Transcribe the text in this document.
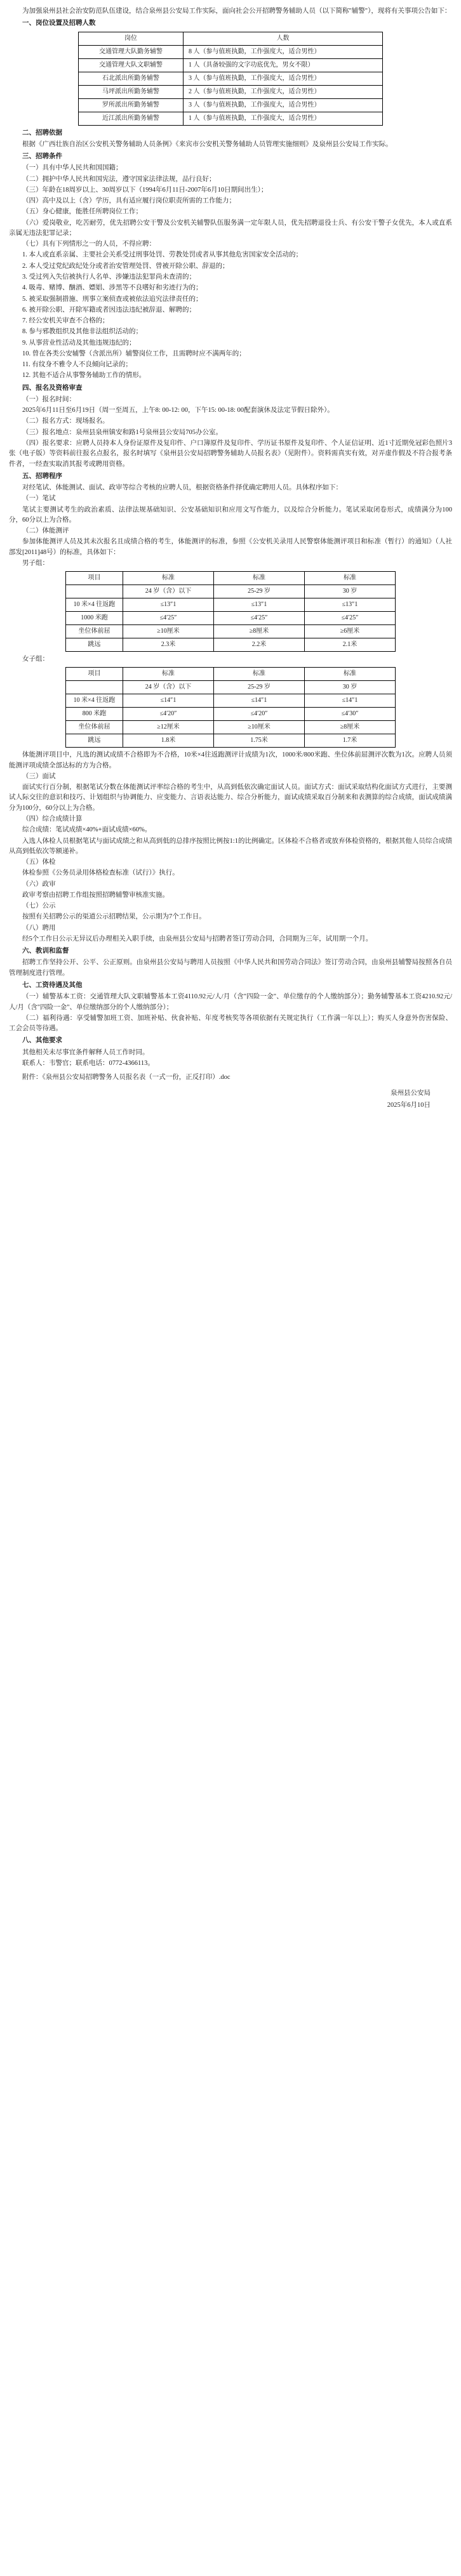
为加强泉州县社会治安防范队伍建设，结合泉州县公安局工作实际，面向社会公开招聘警务辅助人员（以下简称"辅警"），现将有关事项公告如下：

一、岗位设置及招聘人数

岗位	人数
交通管理大队勤务辅警	8 人（参与值班执勤，工作强度大，适合男性）
交通管理大队文职辅警	1 人（具备较强的文字功底优先，男女不限）
石北派出所勤务辅警	3 人（参与值班执勤，工作强度大，适合男性）
马坪派出所勤务辅警	2 人（参与值班执勤，工作强度大，适合男性）
罗所派出所勤务辅警	3 人（参与值班执勤，工作强度大，适合男性）
近江派出所勤务辅警	1 人（参与值班执勤，工作强度大，适合男性）

二、招聘依据

根据《广西壮族自治区公安机关警务辅助人员条例》《来宾市公安机关警务辅助人员管理实施细则》及泉州县公安局工作实际。

三、招聘条件

（一）具有中华人民共和国国籍；

（二）拥护中华人民共和国宪法，遵守国家法律法规，品行良好；

（三）年龄在18周岁以上、30周岁以下（1994年6月11日-2007年6月10日期间出生）；

（四）高中及以上（含）学历，具有适应履行岗位职责所需的工作能力；

（五）身心健康，能胜任所聘岗位工作；

（六）爱岗敬业，吃苦耐劳，优先招聘公安干警及公安机关辅警队伍服务满一定年限人员，优先招聘退役士兵、有公安干警子女优先，本人或直系亲属无违法犯罪记录；

（七）具有下列情形之一的人员，不得应聘：

1. 本人或直系亲属、主要社会关系受过刑事处罚、劳教处罚或者从事其他危害国家安全活动的；

2. 本人受过党纪政纪处分或者治安管理处罚、曾被开除公职、辞退的；

3. 受过列入失信被执行人名单、涉嫌违法犯罪尚未查清的；

4. 吸毒、赌博、酗酒、嫖娼、涉黑等不良嗜好和劣迹行为的；

5. 被采取强制措施、刑事立案侦查或被依法追究法律责任的；

6. 被开除公职、开除军籍或者因违法违纪被辞退、解聘的；

7. 经公安机关审查不合格的；

8. 参与邪教组织及其他非法组织活动的；

9. 从事营业性活动及其他违规违纪的；

10. 曾在各类公安辅警（含派出所）辅警岗位工作，且需聘时应不满两年的；

11. 有纹身不雅令人不良倾向记录的；

12. 其他不适合从事警务辅助工作的情形。

四、报名及资格审查

（一）报名时间：

2025年6月11日至6月19日（周一至周五，上午8: 00-12: 00，下午15: 00-18: 00配套演休及法定节假日除外）。

（二）报名方式：现场报名。

（三）报名地点：泉州县泉州镇安和路1号泉州县公安局705办公室。

（四）报名要求：应聘人员持本人身份证原件及复印件、户口簿原件及复印件、学历证书原件及复印件、个人证信证明、近1寸近期免冠彩色照片3张（电子版）等资料前往报名点报名，报名时填写《泉州县公安局招聘警务辅助人员报名表》（见附件）。资料需真实有效，对弄虚作假及不符合报考条件者，一经查实取消其报考或聘用资格。

五、招聘程序

对经笔试、体能测试、面试、政审等综合考核的应聘人员，根据资格条件择优确定聘用人员。具体程序如下：

（一）笔试

笔试主要测试考生的政治素质、法律法规基础知识、公安基础知识和应用文写作能力，以及综合分析能力。笔试采取闭卷形式，成绩满分为100分，60分以上为合格。

（二）体能测评

参加体能测评人员及其未次报名且成绩合格的考生，体能测评的标准，参照《公安机关录用人民警察体能测评项目和标准（暂行）的通知》（人社部发[2011]48号）的标准，具体如下：

男子组：

项目	标准	标准	标准
	24 岁（含）以下	25-29 岁	30 岁
10 米×4 往返跑	≤13″1	≤13″1	≤13″1
1000 米跑	≤4′25″	≤4′25″	≤4′25″
坐位体前屈	≥10厘米	≥8厘米	≥6厘米
跳远	2.3米	2.2米	2.1米

女子组：

项目	标准	标准	标准
	24 岁（含）以下	25-29 岁	30 岁
10 米×4 往返跑	≤14″1	≤14″1	≤14″1
800 米跑	≤4′20″	≤4′20″	≤4′30″
坐位体前屈	≥12厘米	≥10厘米	≥8厘米
跳远	1.8米	1.75米	1.7米

体能测评项目中，凡选的测试成绩不合格即为不合格，10米×4往返跑测评计成绩为1次，1000米/800米跑、坐位体前屈测评次数为1次。应聘人员须能测评项成绩全部达标的方为合格。

（三）面试

面试实行百分制，根据笔试分数在体能测试评率综合格的考生中，从高到低依次确定面试人员。面试方式：面试采取结构化面试方式进行，主要测试人际交往的意识和技巧、计划组织与协调能力、应变能力、言语表达能力、综合分析能力，面试成绩采取百分制来和表测算的综合成绩，面试成绩满分为100分，60分以上为合格。

（四）综合成绩计算

综合成绩：笔试成绩×40%+面试成绩×60%。

入选人体检人员根据笔试与面试成绩之和从高到低的总排序按照比例按1:1的比例确定。区体检不合格者或放弃体检资格的，根据其他人员综合成绩从高到低依次等额递补。

（五）体检

体检参照《公务员录用体格检查标准（试行）》执行。

（六）政审

政审考察由招聘工作组按照招聘辅警审核准实施。

（七）公示

按照有关招聘公示的渠道公示招聘结果，公示期为7个工作日。

（八）聘用

经5个工作日公示无异议后办理相关入职手续，由泉州县公安局与招聘者签订劳动合同，合同期为三年，试用期一个月。

六、教训和监督

招聘工作坚持公开、公平、公正原则。由泉州县公安局与聘用人员按照《中华人民共和国劳动合同法》签订劳动合同，由泉州县辅警局按照各自员管理制度进行管理。

七、工资待遇及其他

（一）辅警基本工资：交通管理大队文职辅警基本工资4110.92元/人/月（含"四险一金"、单位缴存的个人缴纳部分）；勤务辅警基本工资4210.92元/人/月（含"四险一金"、单位缴纳部分的个人缴纳部分）；

（二）福利待遇：享受辅警加班工资、加班补贴、伙食补贴、年度考核奖等各项依据有关规定执行（工作满一年以上）；购买人身意外伤害保险、工会会员等待遇。

八、其他要求

其他相关未尽事宜条件解释人员工作时同。

联系人：韦警官；联系电话：0772-4366113。

附件：《泉州县公安局招聘警务人员报名表（一式一份，正反打印）.doc

泉州县公安局
2025年6月10日
